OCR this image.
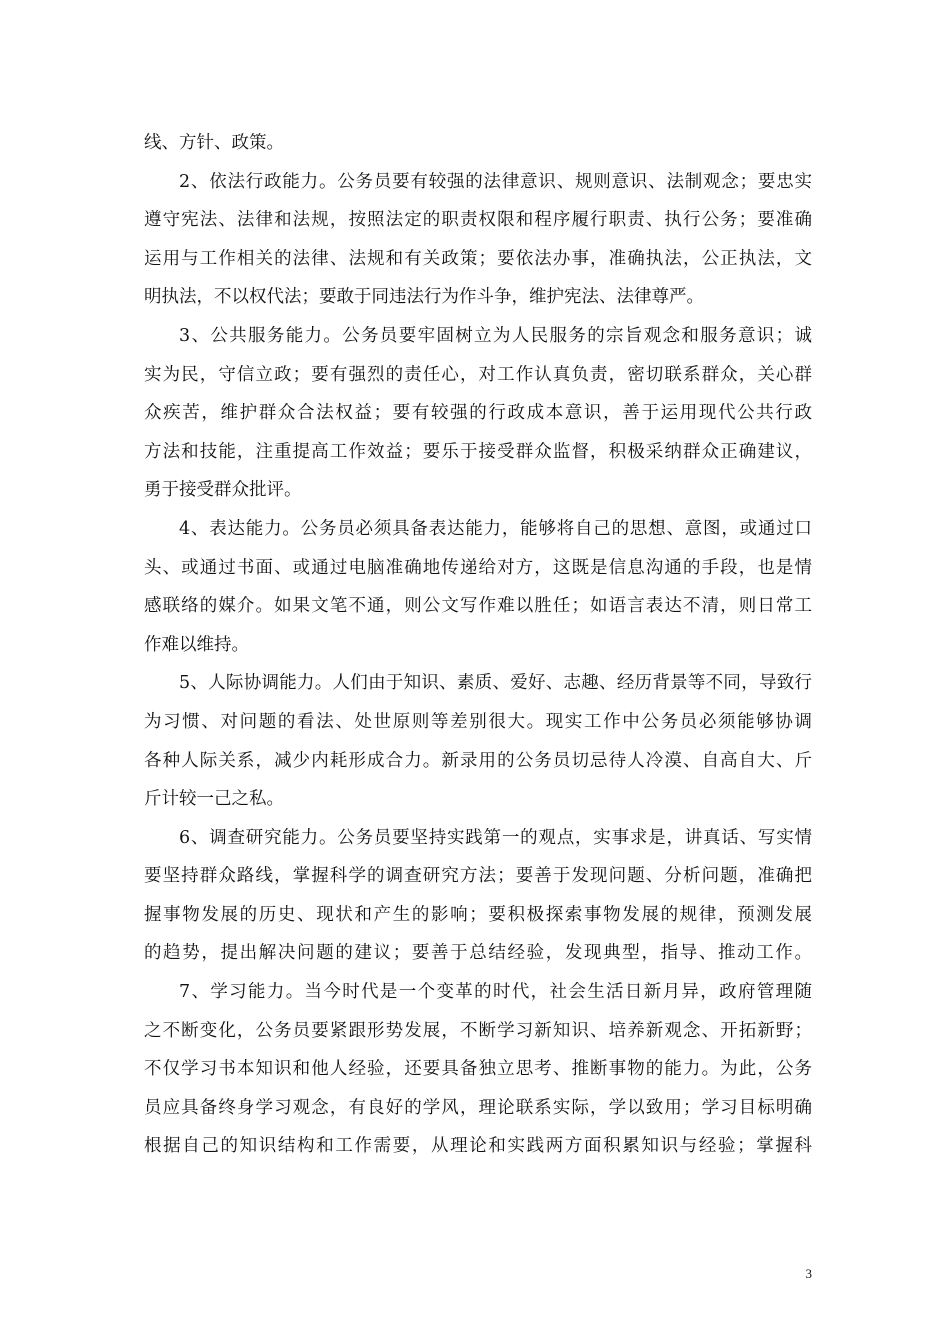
线、方针、政策。
2、依法行政能力。公务员要有较强的法律意识、规则意识、法制观念；要忠实
遵守宪法、法律和法规，按照法定的职责权限和程序履行职责、执行公务；要准确
运用与工作相关的法律、法规和有关政策；要依法办事，准确执法，公正执法，文
明执法，不以权代法；要敢于同违法行为作斗争，维护宪法、法律尊严。
3、公共服务能力。公务员要牢固树立为人民服务的宗旨观念和服务意识；诚
实为民，守信立政；要有强烈的责任心，对工作认真负责，密切联系群众，关心群
众疾苦，维护群众合法权益；要有较强的行政成本意识，善于运用现代公共行政
方法和技能，注重提高工作效益；要乐于接受群众监督，积极采纳群众正确建议，
勇于接受群众批评。
4、表达能力。公务员必须具备表达能力，能够将自己的思想、意图，或通过口
头、或通过书面、或通过电脑准确地传递给对方，这既是信息沟通的手段，也是情
感联络的媒介。如果文笔不通，则公文写作难以胜任；如语言表达不清，则日常工
作难以维持。
5、人际协调能力。人们由于知识、素质、爱好、志趣、经历背景等不同，导致行
为习惯、对问题的看法、处世原则等差别很大。现实工作中公务员必须能够协调
各种人际关系，减少内耗形成合力。新录用的公务员切忌待人冷漠、自高自大、斤
斤计较一己之私。
6、调查研究能力。公务员要坚持实践第一的观点，实事求是，讲真话、写实情
要坚持群众路线，掌握科学的调查研究方法；要善于发现问题、分析问题，准确把
握事物发展的历史、现状和产生的影响；要积极探索事物发展的规律，预测发展
的趋势，提出解决问题的建议；要善于总结经验，发现典型，指导、推动工作。
7、学习能力。当今时代是一个变革的时代，社会生活日新月异，政府管理随
之不断变化，公务员要紧跟形势发展，不断学习新知识、培养新观念、开拓新野；
不仅学习书本知识和他人经验，还要具备独立思考、推断事物的能力。为此，公务
员应具备终身学习观念，有良好的学风，理论联系实际，学以致用；学习目标明确
根据自己的知识结构和工作需要，从理论和实践两方面积累知识与经验；掌握科
3
